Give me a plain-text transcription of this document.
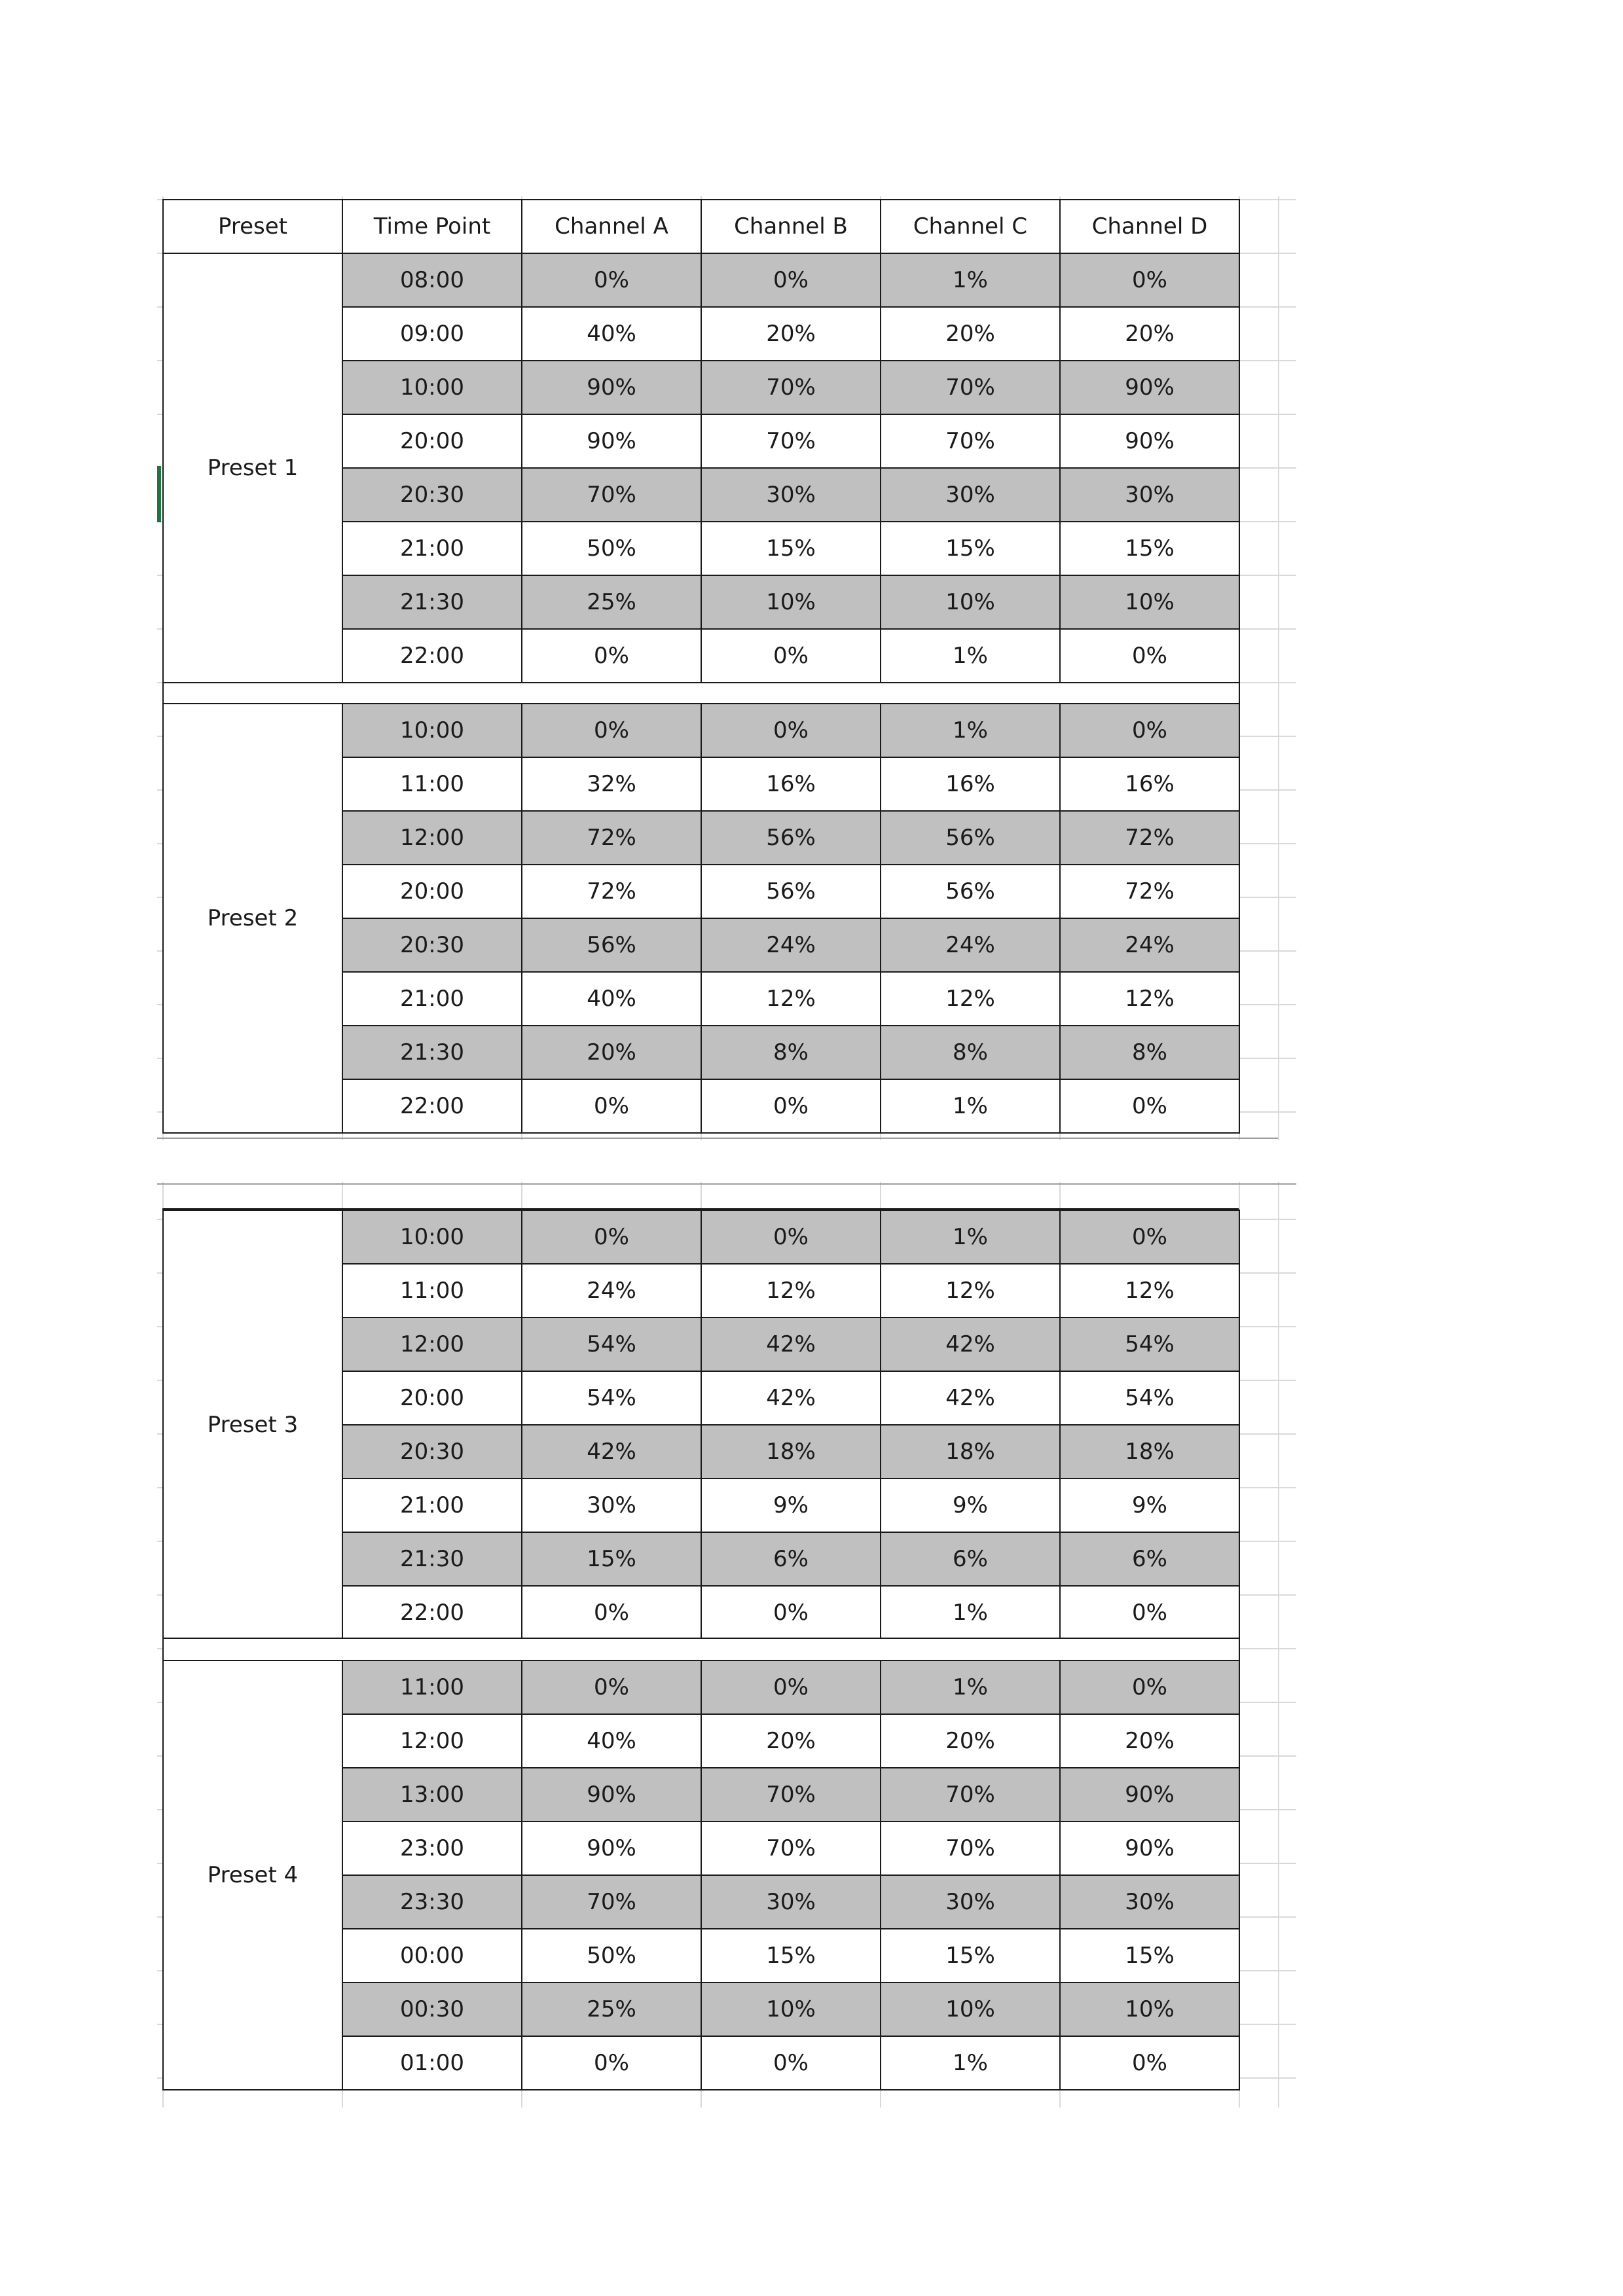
Preset	Time Point	Channel A	Channel B	Channel C	Channel D
Preset 1
08:00	0%	0%	1%	0%
09:00	40%	20%	20%	20%
10:00	90%	70%	70%	90%
20:00	90%	70%	70%	90%
20:30	70%	30%	30%	30%
21:00	50%	15%	15%	15%
21:30	25%	10%	10%	10%
22:00	0%	0%	1%	0%
Preset 2
10:00	0%	0%	1%	0%
11:00	32%	16%	16%	16%
12:00	72%	56%	56%	72%
20:00	72%	56%	56%	72%
20:30	56%	24%	24%	24%
21:00	40%	12%	12%	12%
21:30	20%	8%	8%	8%
22:00	0%	0%	1%	0%
Preset 3
10:00	0%	0%	1%	0%
11:00	24%	12%	12%	12%
12:00	54%	42%	42%	54%
20:00	54%	42%	42%	54%
20:30	42%	18%	18%	18%
21:00	30%	9%	9%	9%
21:30	15%	6%	6%	6%
22:00	0%	0%	1%	0%
Preset 4
11:00	0%	0%	1%	0%
12:00	40%	20%	20%	20%
13:00	90%	70%	70%	90%
23:00	90%	70%	70%	90%
23:30	70%	30%	30%	30%
00:00	50%	15%	15%	15%
00:30	25%	10%	10%	10%
01:00	0%	0%	1%	0%
